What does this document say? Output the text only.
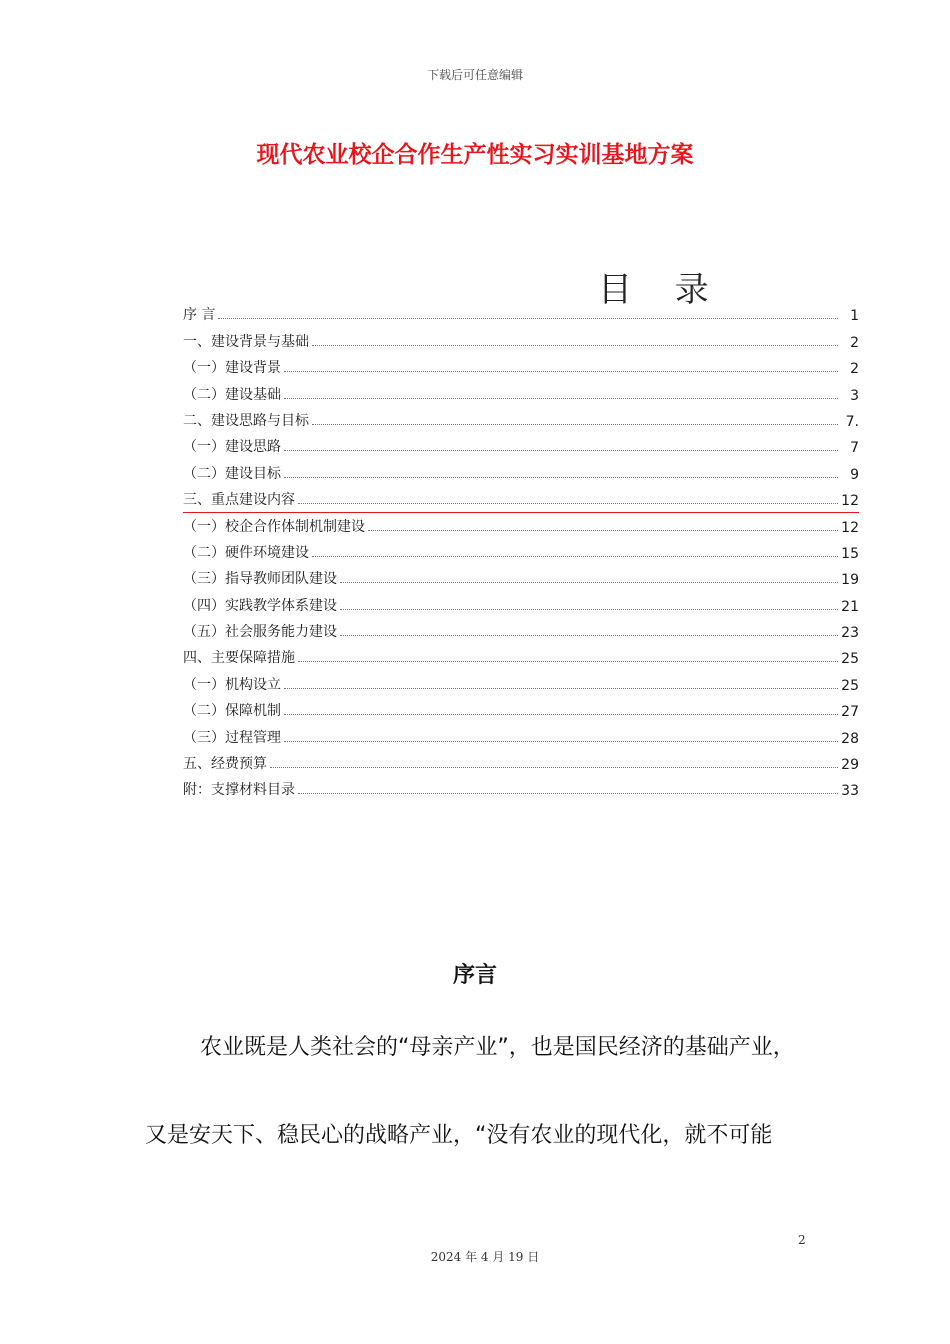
下载后可任意编辑
现代农业校企合作生产性实习实训基地方案
目 录
序 言	1
一、建设背景与基础	2
（一）建设背景	2
（二）建设基础	3
二、建设思路与目标	7.
（一）建设思路	7
（二）建设目标	9
三、重点建设内容	12
（一）校企合作体制机制建设	12
（二）硬件环境建设	15
（三）指导教师团队建设	19
（四）实践教学体系建设	21
（五）社会服务能力建设	23
四、主要保障措施	25
（一）机构设立	25
（二）保障机制	27
（三）过程管理	28
五、经费预算	29
附：支撑材料目录	33
序言
农业既是人类社会的“母亲产业”，也是国民经济的基础产业，
又是安天下、稳民心的战略产业，“没有农业的现代化，就不可能
2
2024 年 4 月 19 日
